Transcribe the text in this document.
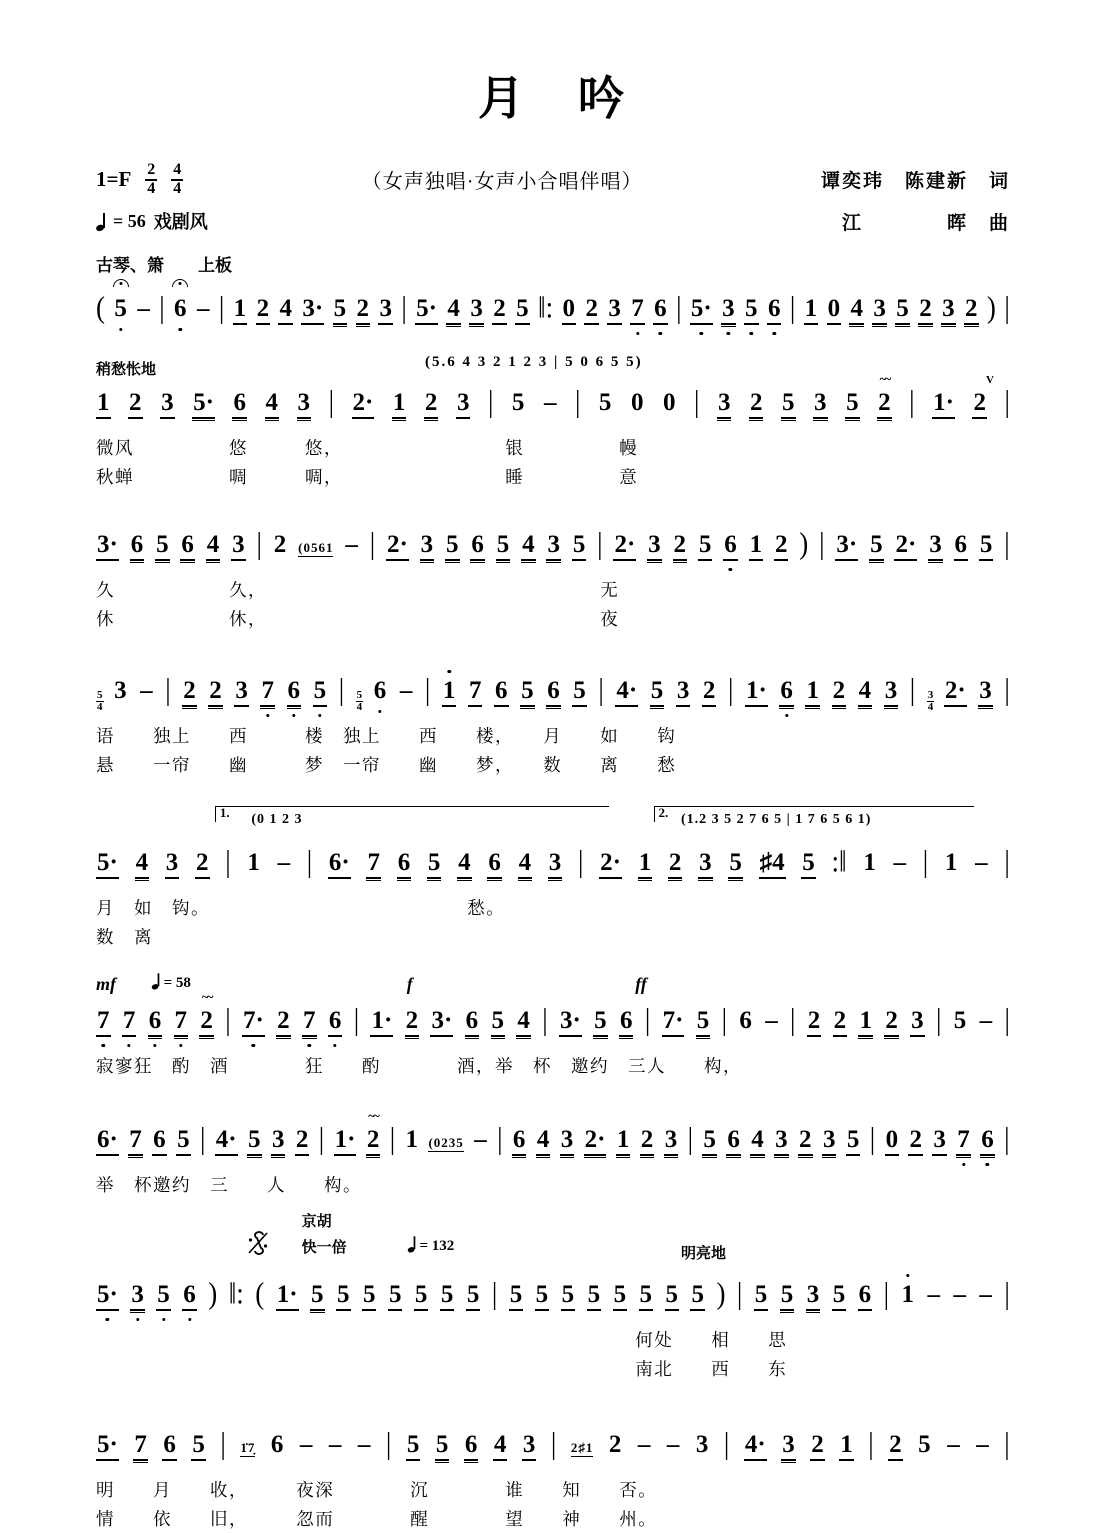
月　吟
1=F 2
4
4
4	（女声独唱·女声小合唱伴唱）	谭奕玮　陈建新　词
= 56 戏剧风	江　　　　晖　曲
古琴、箫　　上板
( 5 – | 6 – | 1 2 4 3· 5 2 3 | 5· 4 3 2 5 ‖: 0 2 3 7 6 | 5· 3 5 6 | 1 0 4 3 5 2 3 2 ) |
稍愁怅地	(5.6 4 3 2 1 2 3 | 5 0 6 5 5)
1 2 3 5· 6 4 3 | 2· 1 2 3 | 5 – | 5 0 0 | 3 2 5 3 5 2
~~
| 1· 2
V
|
微风　　　　　悠　　　悠，　　　　　　　　　银　　　　　幔
秋蝉　　　　　啁　　　啁，　　　　　　　　　睡　　　　　意
3· 6 5 6 4 3 | 2 (0561 – | 2· 3 5 6 5 4 3 5 | 2· 3 2 5 6 1 2 ) | 3· 5 2· 3 6 5 |
久　　　　　　久，　　　　　　　　　　　　　　　　　　无
休　　　　　　休，　　　　　　　　　　　　　　　　　　夜
5
4
3 – | 2 2 3 7 6 5 | 5
4
6 – | 1 7 6 5 6 5 | 4· 5 3 2 | 1· 6 1 2 4 3 | 3
4
2· 3 |
语　　独上　　西　　　楼　独上　　西　　楼，　　月　　如　　钩
悬　　一帘　　幽　　　梦　一帘　　幽　　梦，　　数　　离　　愁
1. (0 1 2 3	2. (1.2 3 5 2 7 6 5 | 1 7 6 5 6 1)
5· 4 3 2 | 1 – | 6· 7 6 5 4 6 4 3 | 2· 1 2 3 5 ♯4 5 :‖ 1 – | 1 – |
月　如　钩。　　　　　　　　　　　　　　愁。
数　离
mf	= 58	f	ff
7 7 6 7 2
~~
| 7· 2 7 6 | 1· 2 3· 6 5 4 | 3· 5 6 | 7· 5 | 6 – | 2 2 1 2 3 | 5 – |
寂寥狂　酌　酒　　　　狂　　酌　　　　酒，举　杯　邀约　三人　　构，
6· 7 6 5 | 4· 5 3 2 | 1· 2
~~
| 1 (0235 – | 6 4 3 2· 1 2 3 | 5 6 4 3 2 3 5 | 0 2 3 7 6 |
举　杯邀约　三　　人　　构。
京胡
快一倍	= 132	明亮地
5· 3 5 6 ) ‖: ( 1· 5 5 5 5 5 5 5 | 5 5 5 5 5 5 5 5 ) | 5 5 3 5 6 | 1 – – – |
何处　　相　　思
南北　　西　　东
5· 7 6 5 | 1̇7̣ 6 – – – | 5 5 6 4 3 | 2♯1 2 – – 3 | 4· 3 2 1 | 2 5 – – |
明　　月　　收，　　　夜深　　　　沉　　　　谁　　知　　否。
情　　依　　旧，　　　忽而　　　　醒　　　　望　　神　　州。
